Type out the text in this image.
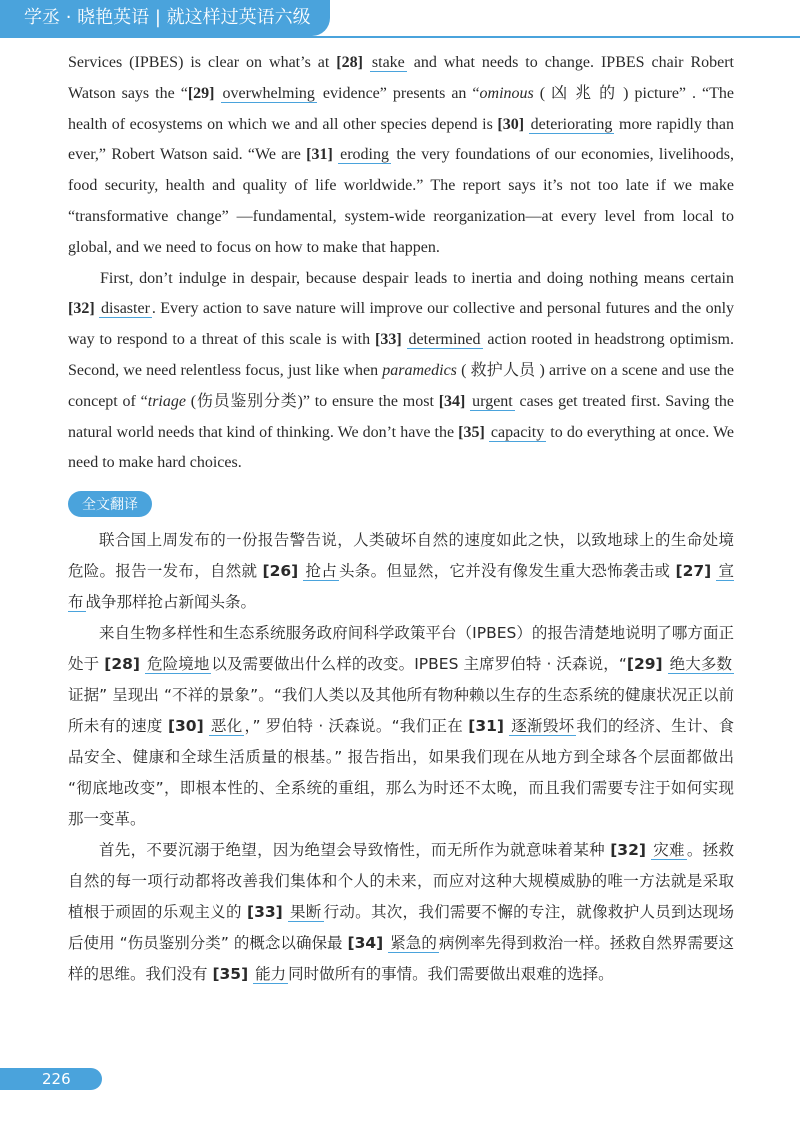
学丞 · 晓艳英语 | 就这样过英语六级

Services (IPBES) is clear on what’s at [28] stake and what needs to change. IPBES chair Robert Watson says the “[29] overwhelming evidence” presents an “ominous ( 凶 兆 的 ) picture” . “The health of ecosystems on which we and all other species depend is [30] deteriorating more rapidly than ever,” Robert Watson said. “We are [31] eroding the very foundations of our economies, livelihoods, food security, health and quality of life worldwide.” The report says it’s not too late if we make “transformative change” —fundamental, system-wide reorganization—at every level from local to global, and we need to focus on how to make that happen.

First, don’t indulge in despair, because despair leads to inertia and doing nothing means certain [32] disaster . Every action to save nature will improve our collective and personal futures and the only way to respond to a threat of this scale is with [33] determined action rooted in headstrong optimism. Second, we need relentless focus, just like when paramedics ( 救护人员 ) arrive on a scene and use the concept of “triage (伤员鉴别分类)” to ensure the most [34] urgent cases get treated first. Saving the natural world needs that kind of thinking. We don’t have the [35] capacity to do everything at once. We need to make hard choices.

全文翻译

联合国上周发布的一份报告警告说，人类破坏自然的速度如此之快，以致地球上的生命处境危险。报告一发布，自然就 [26] 抢占 头条。但显然，它并没有像发生重大恐怖袭击或 [27] 宣布 战争那样抢占新闻头条。

来自生物多样性和生态系统服务政府间科学政策平台（IPBES）的报告清楚地说明了哪方面正处于 [28] 危险境地 以及需要做出什么样的改变。IPBES 主席罗伯特 · 沃森说，“[29] 绝大多数证据” 呈现出 “不祥的景象”。“我们人类以及其他所有物种赖以生存的生态系统的健康状况正以前所未有的速度 [30] 恶化 ，” 罗伯特 · 沃森说。“我们正在 [31] 逐渐毁坏 我们的经济、生计、食品安全、健康和全球生活质量的根基。” 报告指出，如果我们现在从地方到全球各个层面都做出 “彻底地改变”，即根本性的、全系统的重组，那么为时还不太晚，而且我们需要专注于如何实现那一变革。

首先，不要沉溺于绝望，因为绝望会导致惰性，而无所作为就意味着某种 [32] 灾难 。拯救自然的每一项行动都将改善我们集体和个人的未来，而应对这种大规模威胁的唯一方法就是采取植根于顽固的乐观主义的 [33] 果断 行动。其次，我们需要不懈的专注，就像救护人员到达现场后使用 “伤员鉴别分类” 的概念以确保最 [34] 紧急的 病例率先得到救治一样。拯救自然界需要这样的思维。我们没有 [35] 能力 同时做所有的事情。我们需要做出艰难的选择。

226
